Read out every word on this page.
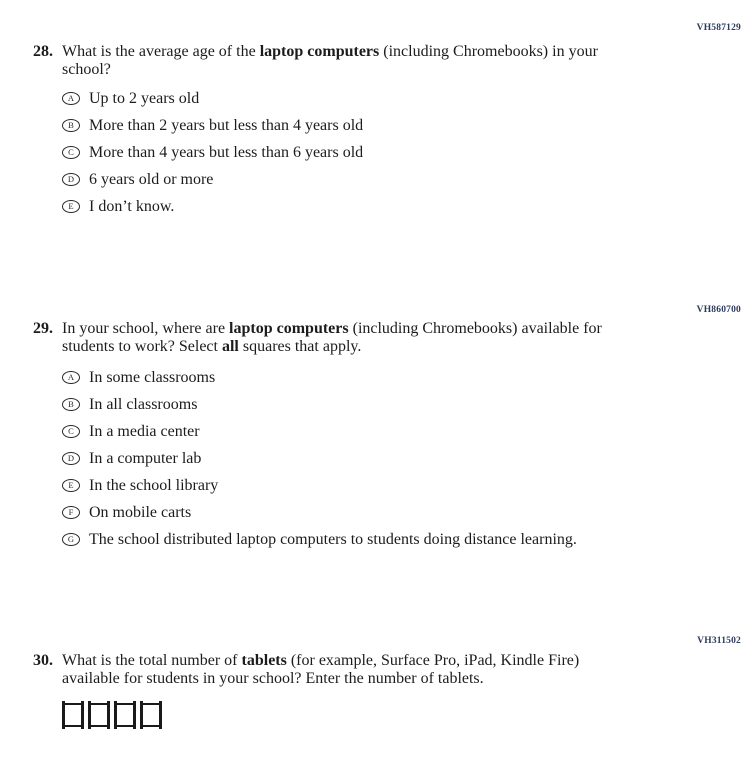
VH587129
28. What is the average age of the laptop computers (including Chromebooks) in your school?
A Up to 2 years old
B More than 2 years but less than 4 years old
C More than 4 years but less than 6 years old
D 6 years old or more
E I don’t know.
VH860700
29. In your school, where are laptop computers (including Chromebooks) available for students to work? Select all squares that apply.
A In some classrooms
B In all classrooms
C In a media center
D In a computer lab
E In the school library
F On mobile carts
G The school distributed laptop computers to students doing distance learning.
VH311502
30. What is the total number of tablets (for example, Surface Pro, iPad, Kindle Fire) available for students in your school? Enter the number of tablets.
